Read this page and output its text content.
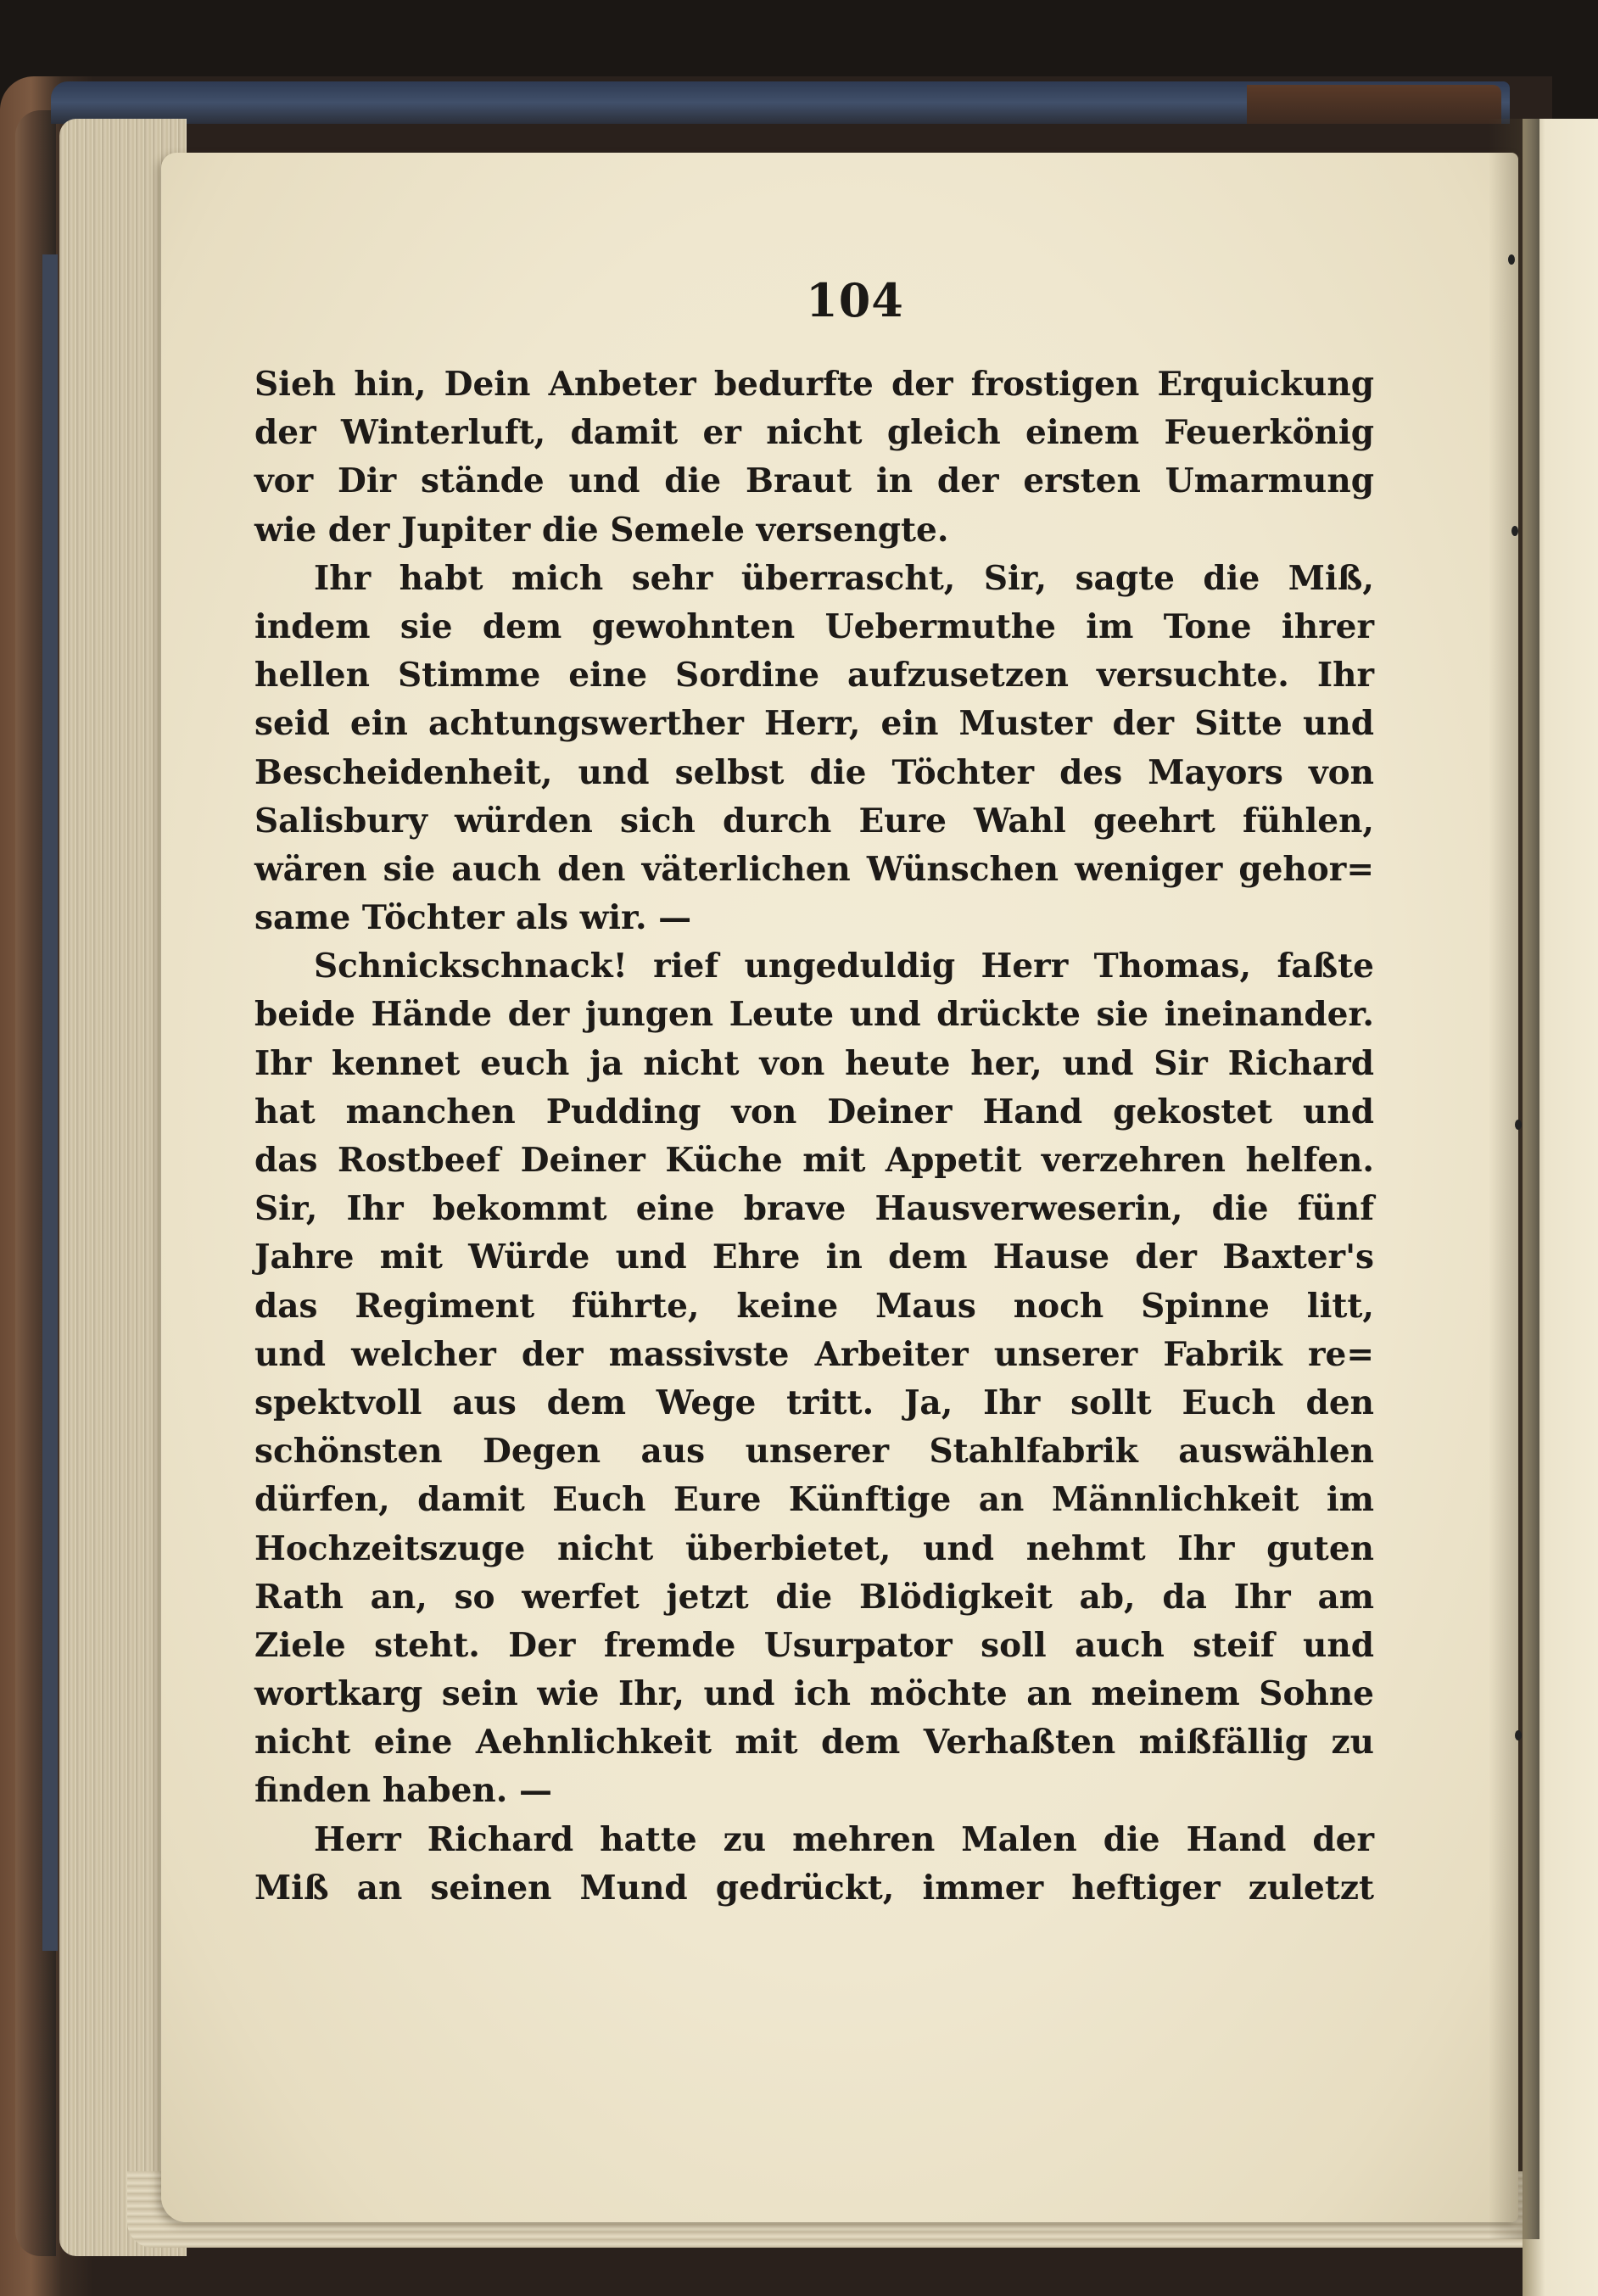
104
Sieh hin, Dein Anbeter bedurfte der frostigen Erquickung
der Winterluft, damit er nicht gleich einem Feuerkönig
vor Dir stände und die Braut in der ersten Umarmung
wie der Jupiter die Semele versengte.
Ihr habt mich sehr überrascht, Sir, sagte die Miß,
indem sie dem gewohnten Uebermuthe im Tone ihrer
hellen Stimme eine Sordine aufzusetzen versuchte. Ihr
seid ein achtungswerther Herr, ein Muster der Sitte und
Bescheidenheit, und selbst die Töchter des Mayors von
Salisbury würden sich durch Eure Wahl geehrt fühlen,
wären sie auch den väterlichen Wünschen weniger gehor=
same Töchter als wir. —
Schnickschnack! rief ungeduldig Herr Thomas, faßte
beide Hände der jungen Leute und drückte sie ineinander.
Ihr kennet euch ja nicht von heute her, und Sir Richard
hat manchen Pudding von Deiner Hand gekostet und
das Rostbeef Deiner Küche mit Appetit verzehren helfen.
Sir, Ihr bekommt eine brave Hausverweserin, die fünf
Jahre mit Würde und Ehre in dem Hause der Baxter's
das Regiment führte, keine Maus noch Spinne litt,
und welcher der massivste Arbeiter unserer Fabrik re=
spektvoll aus dem Wege tritt. Ja, Ihr sollt Euch den
schönsten Degen aus unserer Stahlfabrik auswählen
dürfen, damit Euch Eure Künftige an Männlichkeit im
Hochzeitszuge nicht überbietet, und nehmt Ihr guten
Rath an, so werfet jetzt die Blödigkeit ab, da Ihr am
Ziele steht. Der fremde Usurpator soll auch steif und
wortkarg sein wie Ihr, und ich möchte an meinem Sohne
nicht eine Aehnlichkeit mit dem Verhaßten mißfällig zu
finden haben. —
Herr Richard hatte zu mehren Malen die Hand der
Miß an seinen Mund gedrückt, immer heftiger zuletzt
